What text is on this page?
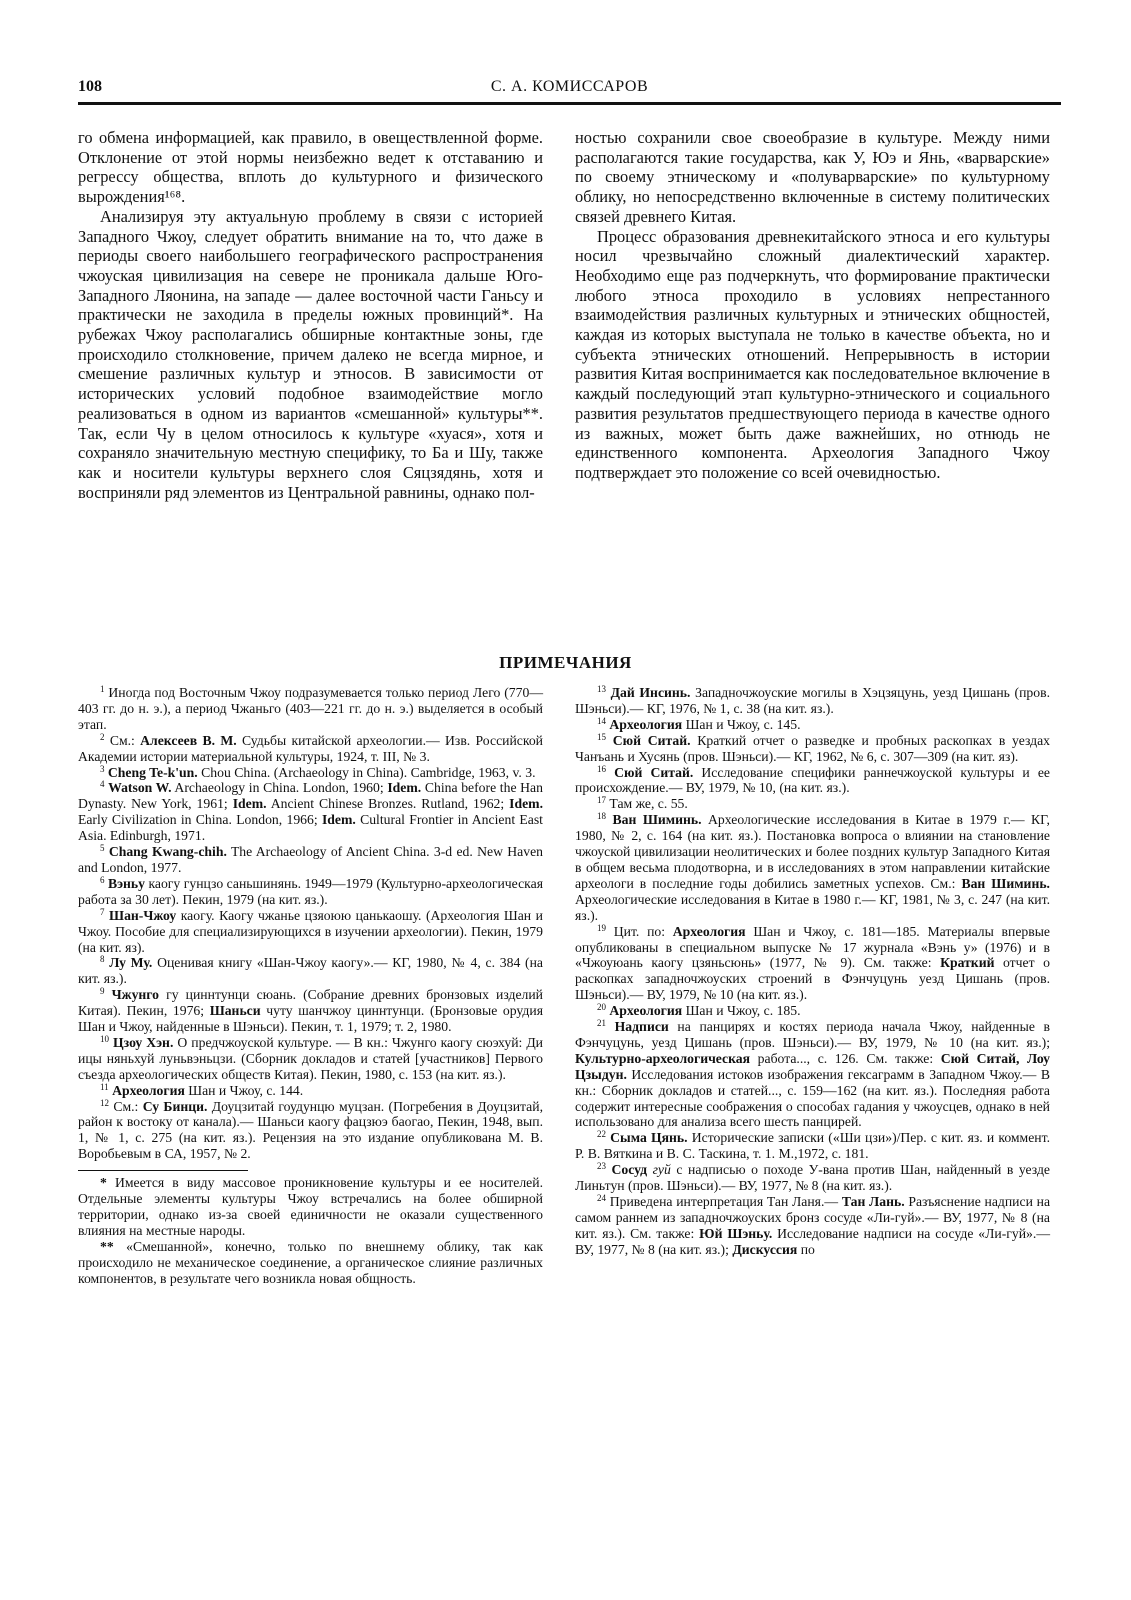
108	С. А. КОМИССАРОВ

го обмена информацией, как правило, в овеществленной форме. Отклонение от этой нормы неизбежно ведет к отставанию и регрессу общества, вплоть до культурного и физического вырождения¹⁶⁸.

Анализируя эту актуальную проблему в связи с историей Западного Чжоу, следует обратить внимание на то, что даже в периоды своего наибольшего географического распространения чжоуская цивилизация на севере не проникала дальше Юго-Западного Ляонина, на западе — далее восточной части Ганьсу и практически не заходила в пределы южных провинций*. На рубежах Чжоу располагались обширные контактные зоны, где происходило столкновение, причем далеко не всегда мирное, и смешение различных культур и этносов. В зависимости от исторических условий подобное взаимодействие могло реализоваться в одном из вариантов «смешанной» культуры**. Так, если Чу в целом относилось к культуре «хуася», хотя и сохраняло значительную местную специфику, то Ба и Шу, также как и носители культуры верхнего слоя Сяцзядянь, хотя и восприняли ряд элементов из Центральной равнины, однако пол-

ностью сохранили свое своеобразие в культуре. Между ними располагаются такие государства, как У, Юэ и Янь, «варварские» по своему этническому и «полуварварские» по культурному облику, но непосредственно включенные в систему политических связей древнего Китая.

Процесс образования древнекитайского этноса и его культуры носил чрезвычайно сложный диалектический характер. Необходимо еще раз подчеркнуть, что формирование практически любого этноса проходило в условиях непрестанного взаимодействия различных культурных и этнических общностей, каждая из которых выступала не только в качестве объекта, но и субъекта этнических отношений. Непрерывность в истории развития Китая воспринимается как последовательное включение в каждый последующий этап культурно-этнического и социального развития результатов предшествующего периода в качестве одного из важных, может быть даже важнейших, но отнюдь не единственного компонента. Археология Западного Чжоу подтверждает это положение со всей очевидностью.

ПРИМЕЧАНИЯ

$^1$ Иногда под Восточным Чжоу подразумевается только период Лего (770—403 гг. до н. э.), а период Чжаньго (403—221 гг. до н. э.) выделяется в особый этап.

$^2$ См.: Алексеев В. М. Судьбы китайской археологии.— Изв. Российской Академии истории материальной культуры, 1924, т. III, № 3.

$^3$ Cheng Te-k'un. Chou China. (Archaeology in China). Cambridge, 1963, v. 3.

$^4$ Watson W. Archaeology in China. London, 1960; Idem. China before the Han Dynasty. New York, 1961; Idem. Ancient Chinese Bronzes. Rutland, 1962; Idem. Early Civilization in China. London, 1966; Idem. Cultural Frontier in Ancient East Asia. Edinburgh, 1971.

$^5$ Chang Kwang-chih. The Archaeology of Ancient China. 3-d ed. New Haven and London, 1977.

$^6$ Вэньу каогу гунцзо саньшинянь. 1949—1979 (Культурно-археологическая работа за 30 лет). Пекин, 1979 (на кит. яз.).

$^7$ Шан-Чжоу каогу. Каогу чжанье цзяоюю цанькаошу. (Археология Шан и Чжоу. Пособие для специализирующихся в изучении археологии). Пекин, 1979 (на кит. яз).

$^8$ Лу Му. Оценивая книгу «Шан-Чжоу каогу».— КГ, 1980, № 4, с. 384 (на кит. яз.).

$^9$ Чжунго гу циннтунци сюань. (Собрание древних бронзовых изделий Китая). Пекин, 1976; Шаньси чуту шанчжоу циннтунци. (Бронзовые орудия Шан и Чжоу, найденные в Шэньси). Пекин, т. 1, 1979; т. 2, 1980.

$^{10}$ Цзоу Хэн. О предчжоуской культуре. — В кн.: Чжунго каогу сюэхуй: Ди ицы няньхуй луньвэньцзи. (Сборник докладов и статей [участников] Первого съезда археологических обществ Китая). Пекин, 1980, с. 153 (на кит. яз.).

$^{11}$ Археология Шан и Чжоу, с. 144.

$^{12}$ См.: Су Бинци. Доуцзитай гоудунцю муцзан. (Погребения в Доуцзитай, район к востоку от канала).— Шаньси каогу фацзюэ баогао, Пекин, 1948, вып. 1, № 1, с. 275 (на кит. яз.). Рецензия на это издание опубликована М. В. Воробьевым в СА, 1957, № 2.

* Имеется в виду массовое проникновение культуры и ее носителей. Отдельные элементы культуры Чжоу встречались на более обширной территории, однако из-за своей единичности не оказали существенного влияния на местные народы.

** «Смешанной», конечно, только по внешнему облику, так как происходило не механическое соединение, а органическое слияние различных компонентов, в результате чего возникла новая общность.

$^{13}$ Дай Инсинь. Западночжоуские могилы в Хэцзяцунь, уезд Цишань (пров. Шэньси).— КГ, 1976, № 1, с. 38 (на кит. яз.).

$^{14}$ Археология Шан и Чжоу, с. 145.

$^{15}$ Сюй Ситай. Краткий отчет о разведке и пробных раскопках в уездах Чанъань и Хусянь (пров. Шэньси).— КГ, 1962, № 6, с. 307—309 (на кит. яз).

$^{16}$ Сюй Ситай. Исследование специфики раннечжоуской культуры и ее происхождение.— ВУ, 1979, № 10, (на кит. яз.).

$^{17}$ Там же, с. 55.

$^{18}$ Ван Шиминь. Археологические исследования в Китае в 1979 г.— КГ, 1980, № 2, с. 164 (на кит. яз.). Постановка вопроса о влиянии на становление чжоуской цивилизации неолитических и более поздних культур Западного Китая в общем весьма плодотворна, и в исследованиях в этом направлении китайские археологи в последние годы добились заметных успехов. См.: Ван Шиминь. Археологические исследования в Китае в 1980 г.— КГ, 1981, № 3, с. 247 (на кит. яз.).

$^{19}$ Цит. по: Археология Шан и Чжоу, с. 181—185. Материалы впервые опубликованы в специальном выпуске № 17 журнала «Вэнь у» (1976) и в «Чжоуюань каогу цзяньсюнь» (1977, № 9). См. также: Краткий отчет о раскопках западночжоуских строений в Фэнчуцунь уезд Цишань (пров. Шэньси).— ВУ, 1979, № 10 (на кит. яз.).

$^{20}$ Археология Шан и Чжоу, с. 185.

$^{21}$ Надписи на панцирях и костях периода начала Чжоу, найденные в Фэнчуцунь, уезд Цишань (пров. Шэньси).— ВУ, 1979, № 10 (на кит. яз.); Культурно-археологическая работа..., с. 126. См. также: Сюй Ситай, Лоу Цзыдун. Исследования истоков изображения гексаграмм в Западном Чжоу.— В кн.: Сборник докладов и статей..., с. 159—162 (на кит. яз.). Последняя работа содержит интересные соображения о способах гадания у чжоусцев, однако в ней использовано для анализа всего шесть панцирей.

$^{22}$ Сыма Цянь. Исторические записки («Ши цзи»)/Пер. с кит. яз. и коммент. Р. В. Вяткина и В. С. Таскина, т. 1. М.,1972, с. 181.

$^{23}$ Сосуд гуй с надписью о походе У-вана против Шан, найденный в уезде Линьтун (пров. Шэньси).— ВУ, 1977, № 8 (на кит. яз.).

$^{24}$ Приведена интерпретация Тан Ланя.— Тан Лань. Разъяснение надписи на самом раннем из западночжоуских бронз сосуде «Ли-гуй».— ВУ, 1977, № 8 (на кит. яз.). См. также: Юй Шэньу. Исследование надписи на сосуде «Ли-гуй».— ВУ, 1977, № 8 (на кит. яз.); Дискуссия по
